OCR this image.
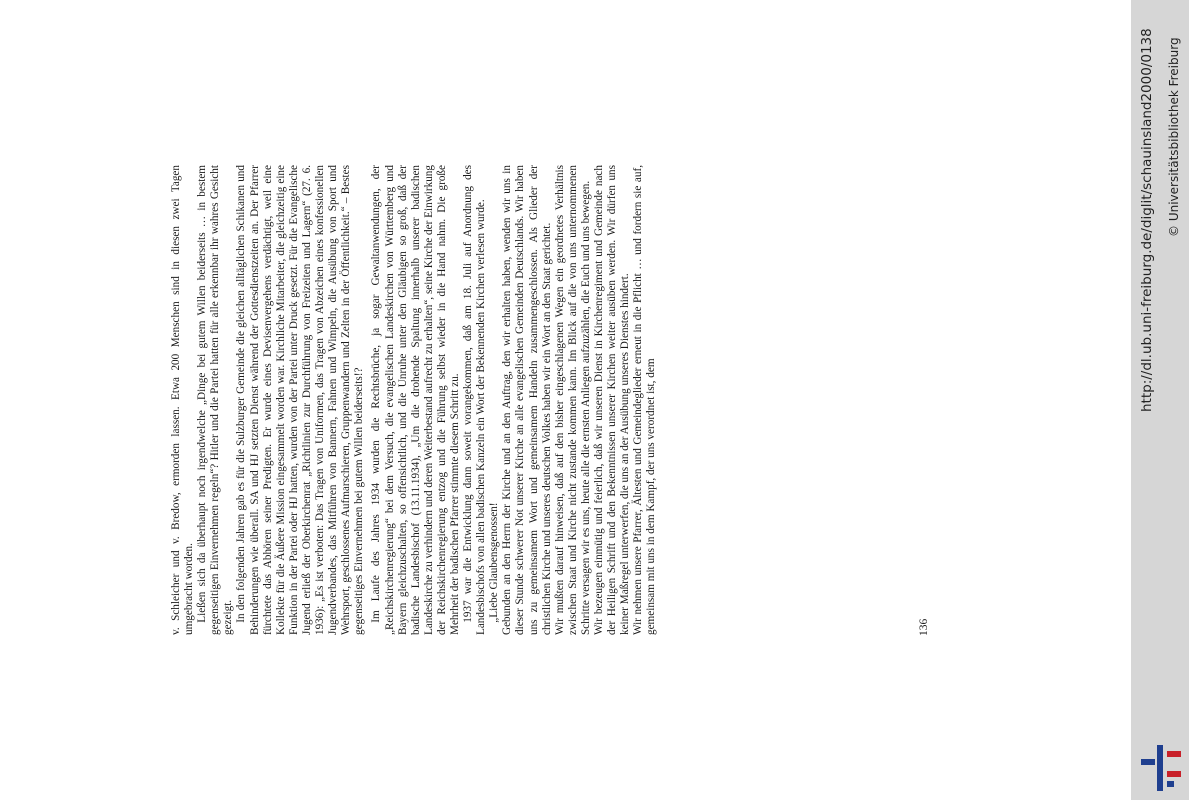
v. Schleicher und v. Bredow, ermorden lassen. Etwa 200 Menschen sind in diesen zwei Tagen umgebracht worden. Ließen sich da überhaupt noch irgendwelche „Dinge bei gutem Willen beiderseits … in bestem gegenseitigen Einvernehmen regeln“? Hitler und die Partei hatten für alle erkennbar ihr wahres Gesicht gezeigt. In den folgenden Jahren gab es für die Sulzburger Gemeinde die gleichen alltäglichen Schikanen und Behinderungen wie überall. SA und HJ setzten Dienst während der Gottesdienstzeiten an. Der Pfarrer fürchtete das Abhören seiner Predigten. Er wurde eines Devisenvergehens verdächtigt, weil eine Kollekte für die Äußere Mission eingesammelt worden war. Kirchliche Mitarbeiter, die gleichzeitig eine Funktion in der Partei oder HJ hatten, wurden von der Partei unter Druck gesetzt. Für die Evangelische Jugend erließ der Oberkirchenrat „Richtlinien zur Durchführung von Freizeiten und Lagern“ (27. 6. 1936): „Es ist verboten: Das Tragen von Uniformen, das Tragen von Abzeichen eines konfessionellen Jugendverbandes, das Mitführen von Bannern, Fahnen und Wimpeln, die Ausübung von Sport und Wehrsport, geschlossenes Aufmarschieren, Gruppenwandern und Zelten in der Öffentlichkeit.“ – Bestes gegenseitiges Einvernehmen bei gutem Willen beiderseits!? Im Laufe des Jahres 1934 wurden die Rechtsbrüche, ja sogar Gewaltanwendungen, der „Reichskirchenregierung“ bei dem Versuch, die evangelischen Landeskirchen von Württemberg und Bayern gleichzuschalten, so offensichtlich, und die Unruhe unter den Gläubigen so groß, daß der badische Landesbischof (13.11.1934), „Um die drohende Spaltung innerhalb unserer badischen Landeskirche zu verhindern und deren Weiterbestand aufrecht zu erhalten“, seine Kirche der Einwirkung der Reichskirchenregierung entzog und die Führung selbst wieder in die Hand nahm. Die große Mehrheit der badischen Pfarrer stimmte diesem Schritt zu. 1937 war die Entwicklung dann soweit vorangekommen, daß am 18. Juli auf Anordnung des Landesbischofs von allen badischen Kanzeln ein Wort der Bekennenden Kirchen verlesen wurde. „Liebe Glaubensgenossen! Gebunden an den Herrn der Kirche und an den Auftrag, den wir erhalten haben, wenden wir uns in dieser Stunde schwerer Not unserer Kirche an alle evangelischen Gemeinden Deutschlands. Wir haben uns zu gemeinsamem Wort und gemeinsamem Handeln zusammengeschlossen. Als Glieder der christlichen Kirche und unseres deutschen Volkes haben wir ein Wort an den Staat gerichtet. Wir mußten darauf hinweisen, daß auf den bisher eingeschlagenen Wegen ein geordnetes Verhältnis zwischen Staat und Kirche nicht zustande kommen kann. Im Blick auf die von uns unternommenen Schritte versagen wir es uns, heute alle die ernsten Anliegen aufzuzählen, die Euch und uns bewegen. Wir bezeugen einmütig und feierlich, daß wir unseren Dienst in Kirchenregiment und Gemeinde nach der Heiligen Schrift und den Bekenntnissen unserer Kirchen weiter ausüben werden. Wir dürfen uns keiner Maßregel unterwerfen, die uns an der Ausübung unseres Dienstes hindert. Wir nehmen unsere Pfarrer, Ältesten und Gemeindeglieder erneut in die Pflicht … und fordern sie auf, gemeinsam mit uns in dem Kampf, der uns verordnet ist, dem	136
http://dl.ub.uni-freiburg.de/diglit/schauinsland2000/0138 © Universitätsbibliothek Freiburg
